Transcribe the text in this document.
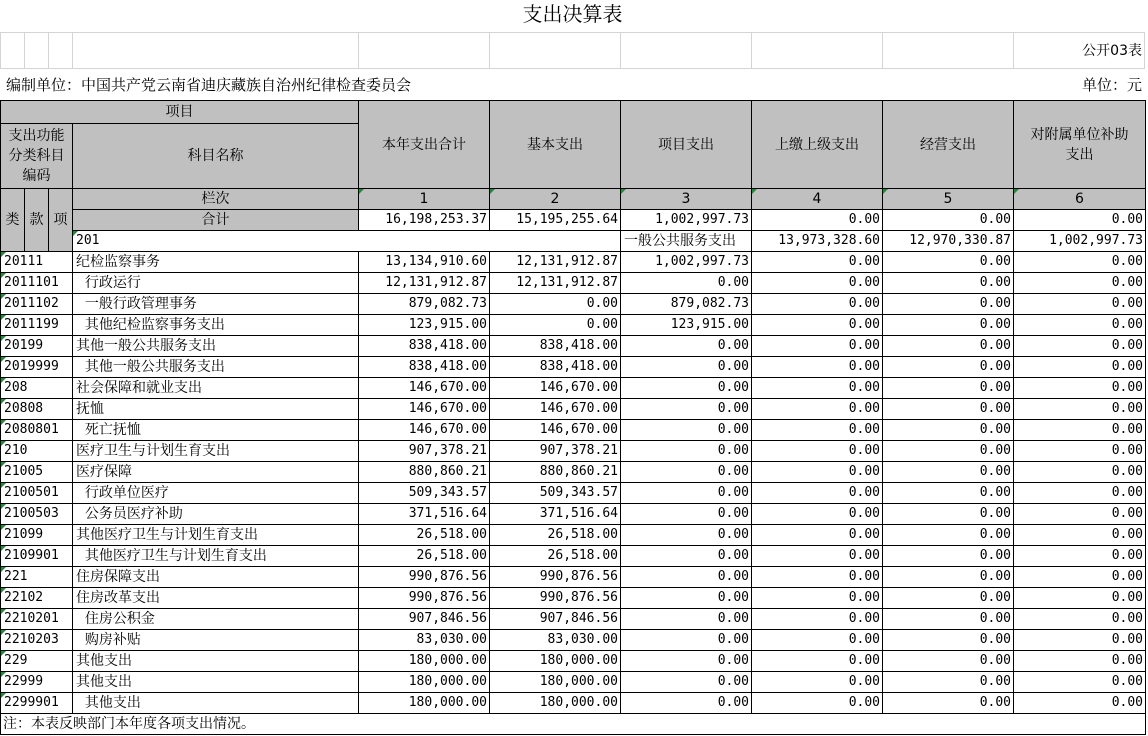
支出决算表
公开03表
编制单位：中国共产党云南省迪庆藏族自治州纪律检查委员会	单位：元
项目				本年支出合计	基本支出	项目支出	上缴上级支出	经营支出	对附属单位补助支出	
支出功能分类科目编码			科目名称							
类	款	项	栏次	1	2	3	4	5	6	

			合计	16,198,253.37	15,195,255.64	1,002,997.73	0.00	0.00	0.00	
			201			一般公共服务支出	13,973,328.60	12,970,330.87	1,002,997.73			
20111			纪检监察事务	13,134,910.60	12,131,912.87	1,002,997.73	0.00	0.00	0.00	
2011101			行政运行	12,131,912.87	12,131,912.87	0.00	0.00	0.00	0.00	
2011102			一般行政管理事务	879,082.73	0.00	879,082.73	0.00	0.00	0.00	
2011199			其他纪检监察事务支出	123,915.00	0.00	123,915.00	0.00	0.00	0.00	
20199			其他一般公共服务支出	838,418.00	838,418.00	0.00	0.00	0.00	0.00	
2019999			其他一般公共服务支出	838,418.00	838,418.00	0.00	0.00	0.00	0.00	
208			社会保障和就业支出	146,670.00	146,670.00	0.00	0.00	0.00	0.00	
20808			抚恤	146,670.00	146,670.00	0.00	0.00	0.00	0.00	
2080801			死亡抚恤	146,670.00	146,670.00	0.00	0.00	0.00	0.00	
210			医疗卫生与计划生育支出	907,378.21	907,378.21	0.00	0.00	0.00	0.00	
21005			医疗保障	880,860.21	880,860.21	0.00	0.00	0.00	0.00	
2100501			行政单位医疗	509,343.57	509,343.57	0.00	0.00	0.00	0.00	
2100503			公务员医疗补助	371,516.64	371,516.64	0.00	0.00	0.00	0.00	
21099			其他医疗卫生与计划生育支出	26,518.00	26,518.00	0.00	0.00	0.00	0.00	
2109901			其他医疗卫生与计划生育支出	26,518.00	26,518.00	0.00	0.00	0.00	0.00	
221			住房保障支出	990,876.56	990,876.56	0.00	0.00	0.00	0.00	
22102			住房改革支出	990,876.56	990,876.56	0.00	0.00	0.00	0.00	
2210201			住房公积金	907,846.56	907,846.56	0.00	0.00	0.00	0.00	
2210203			购房补贴	83,030.00	83,030.00	0.00	0.00	0.00	0.00	
229			其他支出	180,000.00	180,000.00	0.00	0.00	0.00	0.00	
22999			其他支出	180,000.00	180,000.00	0.00	0.00	0.00	0.00	
2299901			其他支出	180,000.00	180,000.00	0.00	0.00	0.00	0.00	
注：本表反映部门本年度各项支出情况。										
